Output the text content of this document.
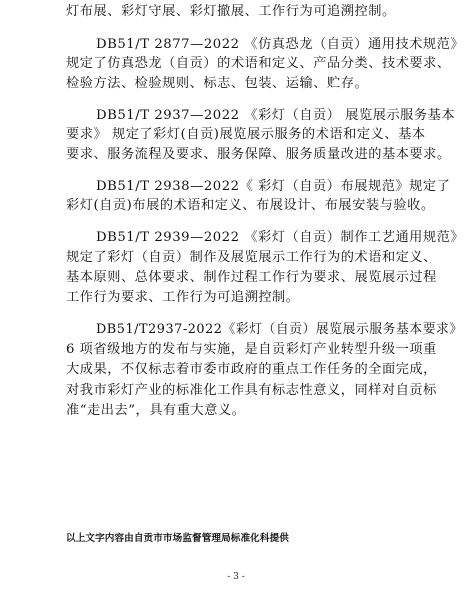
灯布展、彩灯守展、彩灯撤展、工作行为可追溯控制。
DB51/T 2877—2022 《仿真恐龙（自贡）通用技术规范》
规定了仿真恐龙（自贡）的术语和定义、产品分类、技术要求、
检验方法、检验规则、标志、包装、运输、贮存。
DB51/T 2937—2022 《彩灯（自贡） 展览展示服务基本
要求》 规定了彩灯(自贡)展览展示服务的术语和定义、基本
要求、服务流程及要求、服务保障、服务质量改进的基本要求。
DB51/T 2938—2022《 彩灯（自贡）布展规范》规定了
彩灯(自贡)布展的术语和定义、布展设计、布展安装与验收。
DB51/T 2939—2022 《彩灯（自贡）制作工艺通用规范》
规定了彩灯（自贡）制作及展览展示工作行为的术语和定义、
基本原则、总体要求、制作过程工作行为要求、展览展示过程
工作行为要求、工作行为可追溯控制。
DB51/T2937-2022《彩灯（自贡）展览展示服务基本要求》
6 项省级地方的发布与实施，是自贡彩灯产业转型升级一项重
大成果，不仅标志着市委市政府的重点工作任务的全面完成，
对我市彩灯产业的标准化工作具有标志性意义，同样对自贡标
准“走出去”，具有重大意义。
以上文字内容由自贡市市场监督管理局标准化科提供
- 3 -
